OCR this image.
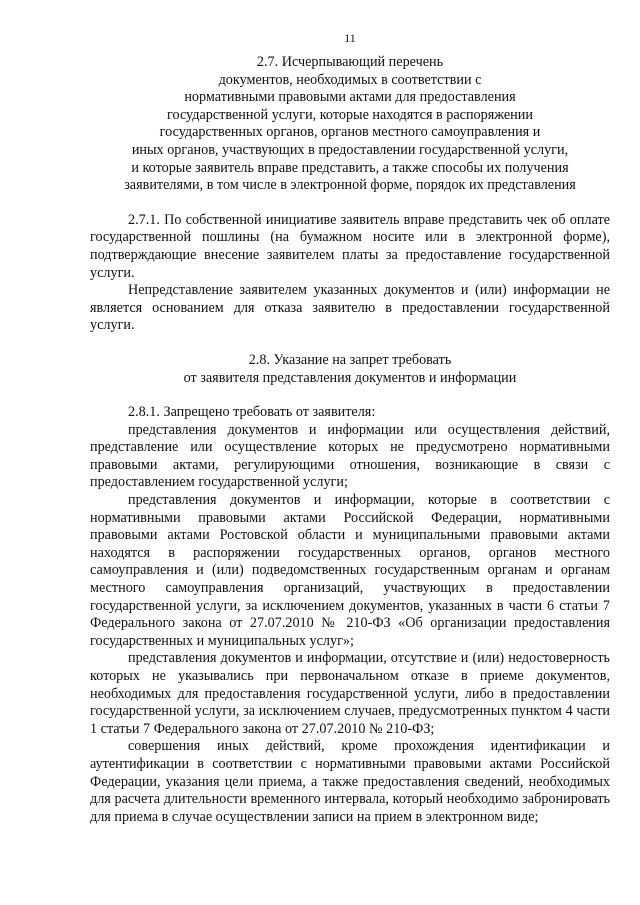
11
2.7. Исчерпывающий перечень
документов, необходимых в соответствии с
нормативными правовыми актами для предоставления
государственной услуги, которые находятся в распоряжении
государственных органов, органов местного самоуправления и
иных органов, участвующих в предоставлении государственной услуги,
и которые заявитель вправе представить, а также способы их получения
заявителями, в том числе в электронной форме, порядок их представления

2.7.1. По собственной инициативе заявитель вправе представить чек об оплате государственной пошлины (на бумажном носите или в электронной форме), подтверждающие внесение заявителем платы за предоставление государственной услуги.

Непредставление заявителем указанных документов и (или) информации не является основанием для отказа заявителю в предоставлении государственной услуги.

2.8. Указание на запрет требовать
от заявителя представления документов и информации

2.8.1. Запрещено требовать от заявителя:

представления документов и информации или осуществления действий, представление или осуществление которых не предусмотрено нормативными правовыми актами, регулирующими отношения, возникающие в связи с предоставлением государственной услуги;

представления документов и информации, которые в соответствии с нормативными правовыми актами Российской Федерации, нормативными правовыми актами Ростовской области и муниципальными правовыми актами находятся в распоряжении государственных органов, органов местного самоуправления и (или) подведомственных государственным органам и органам местного самоуправления организаций, участвующих в предоставлении государственной услуги, за исключением документов, указанных в части 6 статьи 7 Федерального закона от 27.07.2010 № 210-ФЗ «Об организации предоставления государственных и муниципальных услуг»;

представления документов и информации, отсутствие и (или) недостоверность которых не указывались при первоначальном отказе в приеме документов, необходимых для предоставления государственной услуги, либо в предоставлении государственной услуги, за исключением случаев, предусмотренных пунктом 4 части 1 статьи 7 Федерального закона от 27.07.2010 № 210-ФЗ;

совершения иных действий, кроме прохождения идентификации и аутентификации в соответствии с нормативными правовыми актами Российской Федерации, указания цели приема, а также предоставления сведений, необходимых для расчета длительности временного интервала, который необходимо забронировать для приема в случае осуществлении записи на прием в электронном виде;
